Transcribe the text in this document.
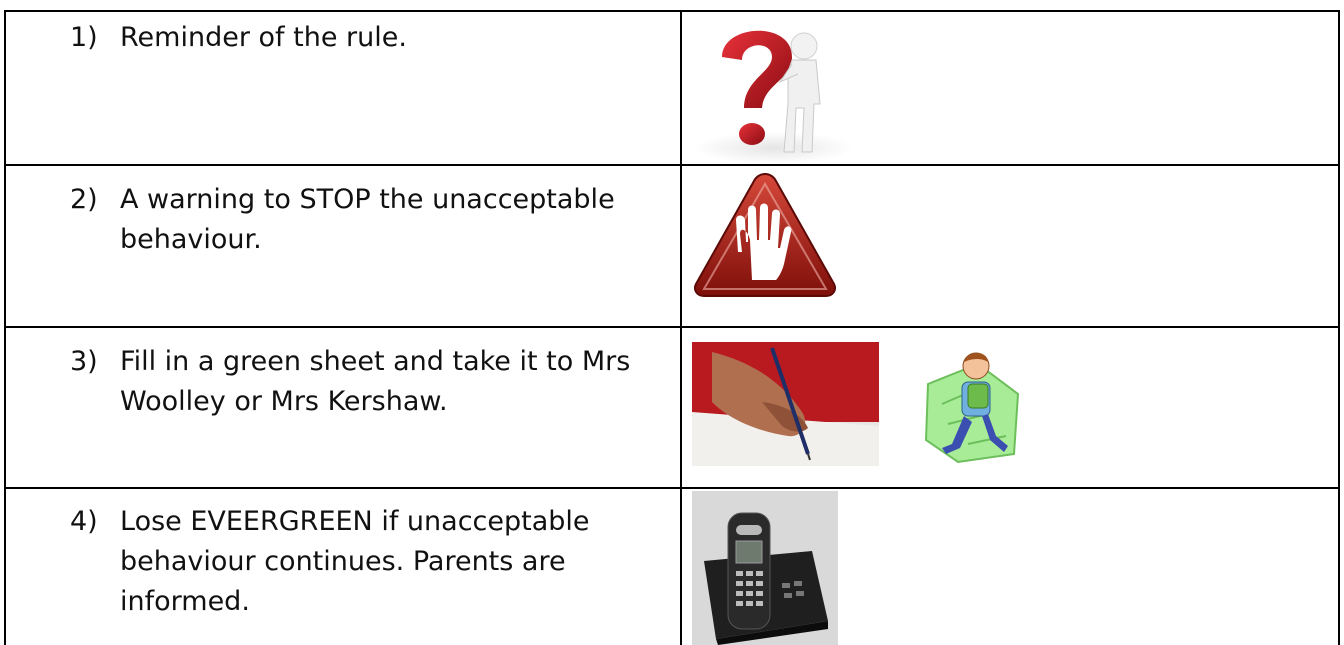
1) Reminder of the rule.
2) A warning to STOP the unacceptable behaviour.
3) Fill in a green sheet and take it to Mrs Woolley or Mrs Kershaw.
4) Lose EVEERGREEN if unacceptable behaviour continues. Parents are informed.
